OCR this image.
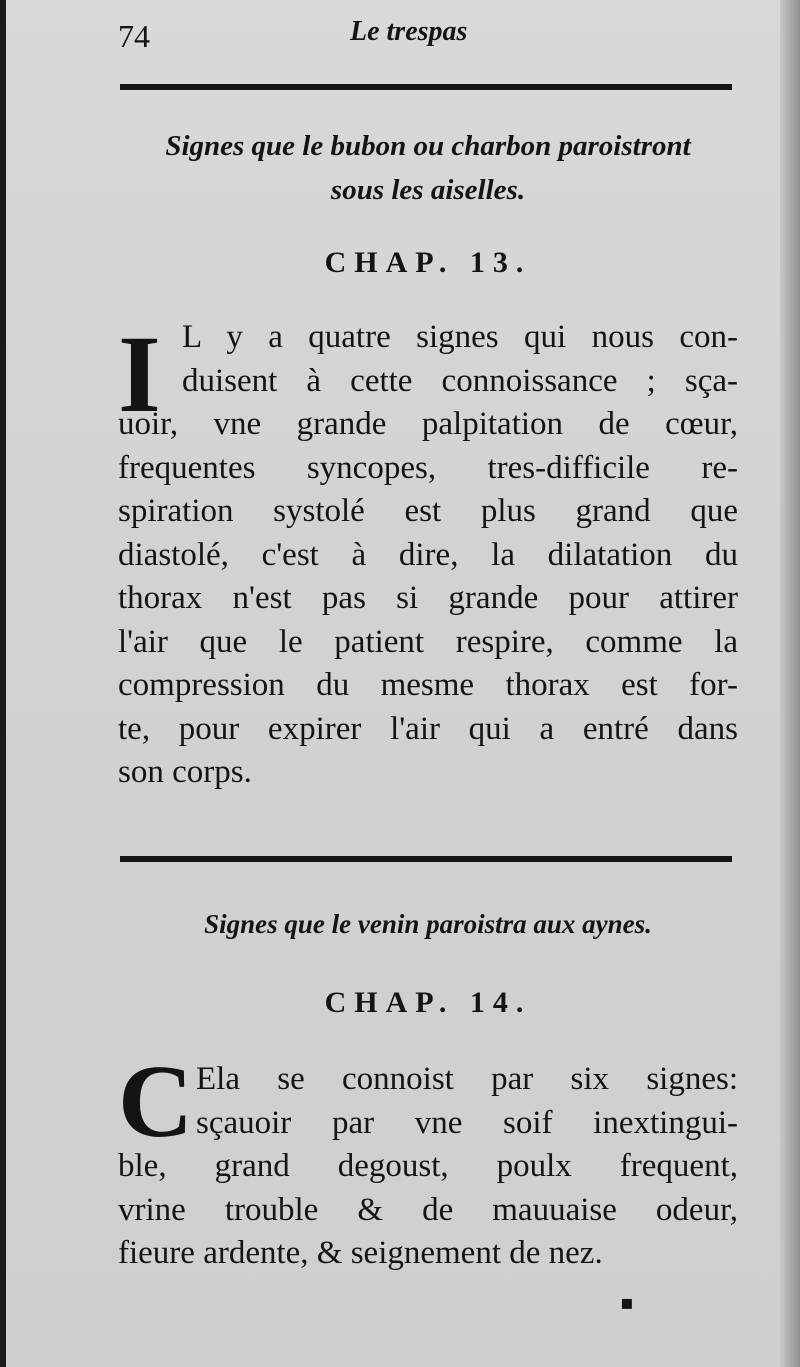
74	Le trespas
Signes que le bubon ou charbon paroistront
sous les aiselles.
CHAP. 13.
I L y a quatre signes qui nous con-
duisent à cette connoissance ; sça-
uoir, vne grande palpitation de cœur,
frequentes syncopes, tres-difficile re-
spiration systolé est plus grand que
diastolé, c'est à dire, la dilatation du
thorax n'est pas si grande pour attirer
l'air que le patient respire, comme la
compression du mesme thorax est for-
te, pour expirer l'air qui a entré dans
son corps.
Signes que le venin paroistra aux aynes.
CHAP. 14.
C Ela se connoist par six signes:
sçauoir par vne soif inextingui-
ble, grand degoust, poulx frequent,
vrine trouble & de mauuaise odeur,
fieure ardente, & seignement de nez.
▪
